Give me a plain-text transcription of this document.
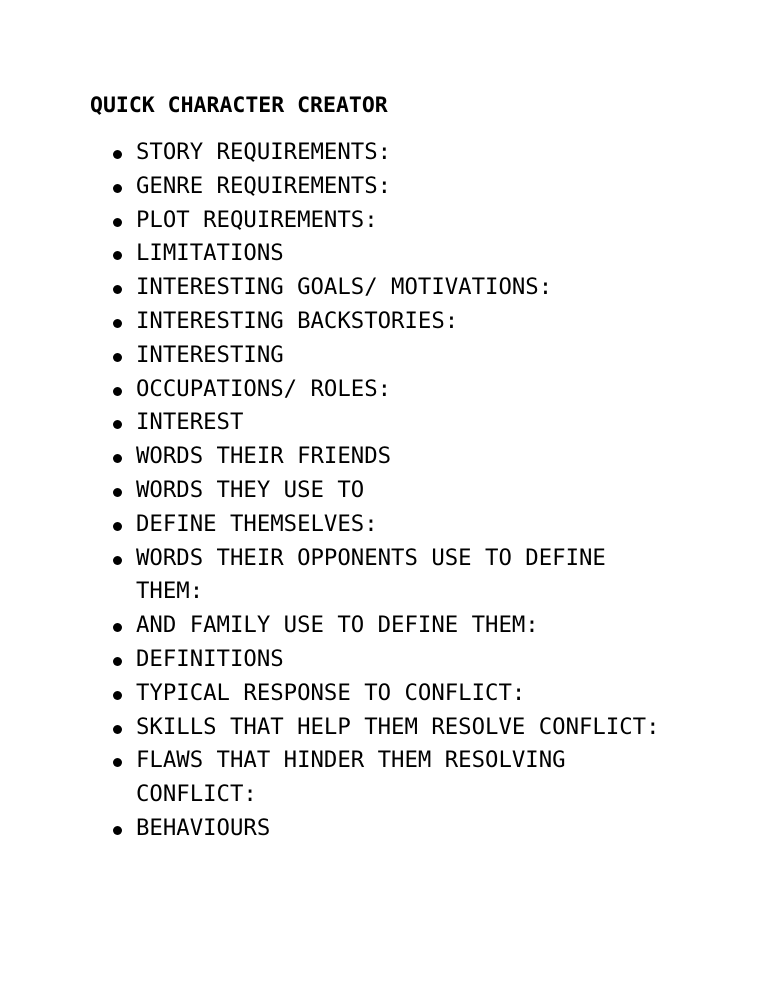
QUICK CHARACTER CREATOR
STORY REQUIREMENTS:
GENRE REQUIREMENTS:
PLOT REQUIREMENTS:
LIMITATIONS
INTERESTING GOALS/ MOTIVATIONS:
INTERESTING BACKSTORIES:
INTERESTING
OCCUPATIONS/ ROLES:
INTEREST
WORDS THEIR FRIENDS
WORDS THEY USE TO
DEFINE THEMSELVES:
WORDS THEIR OPPONENTS USE TO DEFINE THEM:
AND FAMILY USE TO DEFINE THEM:
DEFINITIONS
TYPICAL RESPONSE TO CONFLICT:
SKILLS THAT HELP THEM RESOLVE CONFLICT:
FLAWS THAT HINDER THEM RESOLVING CONFLICT:
BEHAVIOURS
